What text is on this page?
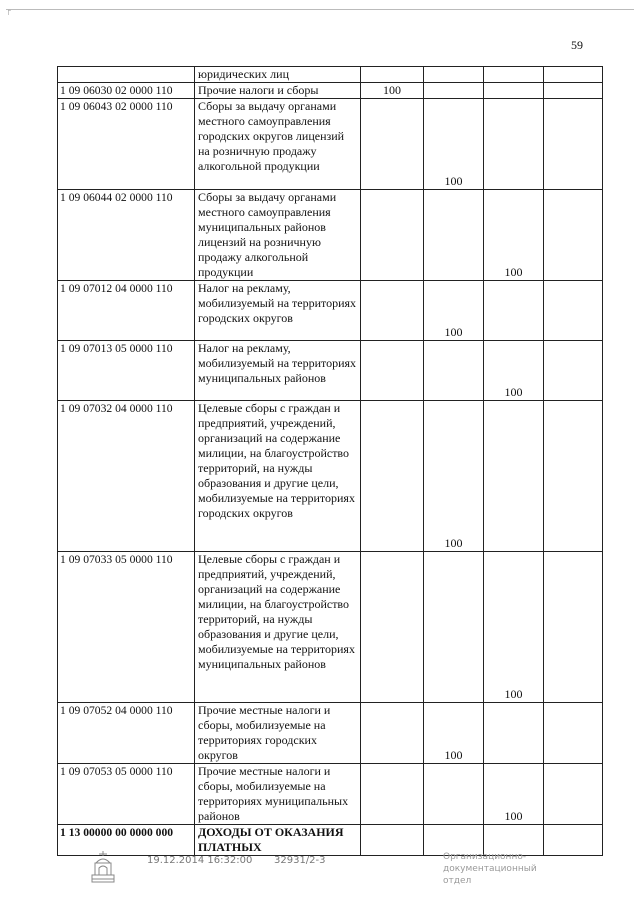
┌
59
	юридических лиц				
1 09 06030 02 0000 110	Прочие налоги и сборы	100			
1 09 06043 02 0000 110	Сборы за выдачу органами местного самоуправления городских округов лицензий на розничную продажу алкогольной продукции		100		
1 09 06044 02 0000 110	Сборы за выдачу органами местного самоуправления муниципальных районов лицензий на розничную продажу алкогольной продукции			100	
1 09 07012 04 0000 110	Налог на рекламу, мобилизуемый на территориях городских округов		100		
1 09 07013 05 0000 110	Налог на рекламу, мобилизуемый на территориях муниципальных районов			100	
1 09 07032 04 0000 110	Целевые сборы с граждан и предприятий, учреждений, организаций на содержание милиции, на благоустройство территорий, на нужды образования и другие цели, мобилизуемые на территориях городских округов		100		
1 09 07033 05 0000 110	Целевые сборы с граждан и предприятий, учреждений, организаций на содержание милиции, на благоустройство территорий, на нужды образования и другие цели, мобилизуемые на территориях муниципальных районов			100	
1 09 07052 04 0000 110	Прочие местные налоги и сборы, мобилизуемые на территориях городских округов		100		
1 09 07053 05 0000 110	Прочие местные налоги и сборы, мобилизуемые на территориях муниципальных районов			100	
1 13 00000 00 0000 000	ДОХОДЫ ОТ ОКАЗАНИЯ ПЛАТНЫХ				
19.12.2014 16:32:00 32931/2-3	Организационно-документационный отдел
